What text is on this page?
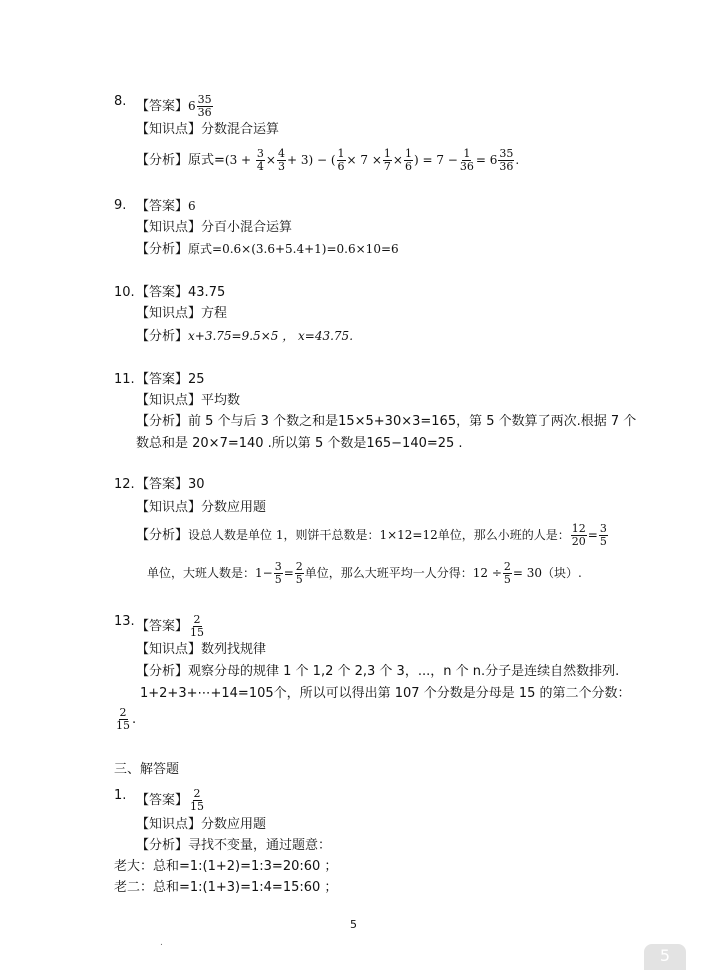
8. 【答案】$6 \frac{35}{36}$
【知识点】分数混合运算
【分析】原式$=(3 + \frac{3}{4} \times \frac{4}{3} + 3)$ − ( $\frac{1}{6} \times 7 \times \frac{1}{7} \times \frac{1}{6}$ ) = $7 - \frac{1}{36} = 6 \frac{35}{36}$ .
9. 【答案】6
【知识点】分百小混合运算
【分析】原式=0.6×(3.6+5.4+1)=0.6×10=6
10. 【答案】43.75
【知识点】方程
【分析】x+3.75=9.5×5 ， x=43.75.
11. 【答案】25
【知识点】平均数
【分析】前 5 个与后 3 个数之和是15×5+30×3=165，第 5 个数算了两次.根据 7 个
数总和是 20×7=140 .所以第 5 个数是165−140=25 .
12. 【答案】30
【知识点】分数应用题
【分析】设总人数是单位 1，则饼干总数是：1×12=12单位，那么小班的人是： $\frac{12}{20} = \frac{3}{5}$
单位，大班人数是：$1- \frac{3}{5} = \frac{2}{5}$ 单位，那么大班平均一人分得：$12 \div \frac{2}{5} = 30$（块）.
13. 【答案】 $\frac{2}{15}$
【知识点】数列找规律
【分析】观察分母的规律 1 个 1,2 个 2,3 个 3，...，n 个 n.分子是连续自然数排列.
1+2+3+⋯+14=105个，所以可以得出第 107 个分数是分母是 15 的第二个分数：
$\frac{2}{15}$ .
三、解答题
1. 【答案】 $\frac{2}{15}$
【知识点】分数应用题
【分析】寻找不变量，通过题意：
老大：总和=1:(1+2)=1:3=20:60 ；
老二：总和=1:(1+3)=1:4=15:60 ；
5
.
5
